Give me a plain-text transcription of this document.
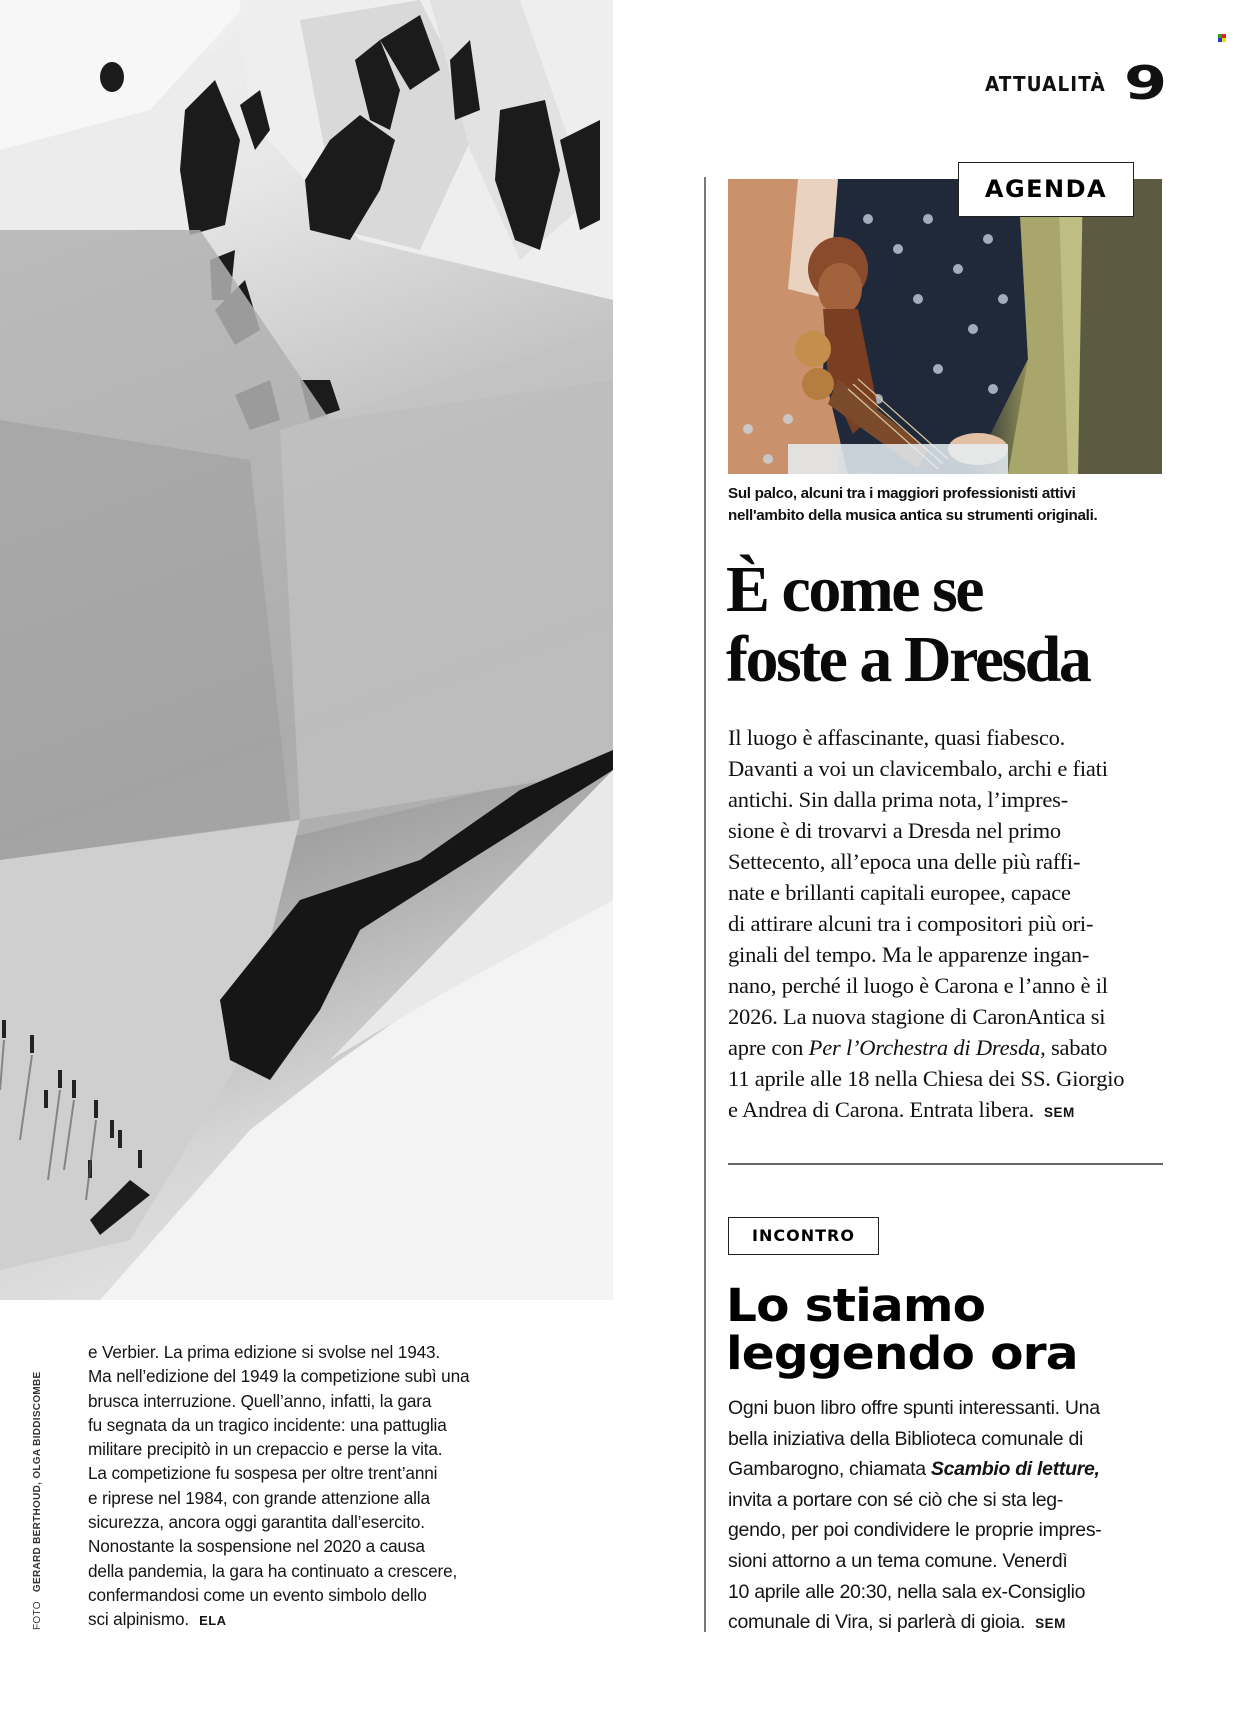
FOTO GERARD BERTHOUD, OLGA BIDDISCOMBE
e Verbier. La prima edizione si svolse nel 1943.
Ma nell’edizione del 1949 la competizione subì una
brusca interruzione. Quell’anno, infatti, la gara
fu segnata da un tragico incidente: una pattuglia
militare precipitò in un crepaccio e perse la vita.
La competizione fu sospesa per oltre trent’anni
e riprese nel 1984, con grande attenzione alla
sicurezza, ancora oggi garantita dall’esercito.
Nonostante la sospensione nel 2020 a causa
della pandemia, la gara ha continuato a crescere,
confermandosi come un evento simbolo dello
sci alpinismo. ELA
ATTUALITÀ 9
AGENDA
Sul palco, alcuni tra i maggiori professionisti attivi
nell'ambito della musica antica su strumenti originali.
È come se
foste a Dresda
Il luogo è affascinante, quasi fiabesco.
Davanti a voi un clavicembalo, archi e fiati
antichi. Sin dalla prima nota, l’impres-
sione è di trovarvi a Dresda nel primo
Settecento, all’epoca una delle più raffi-
nate e brillanti capitali europee, capace
di attirare alcuni tra i compositori più ori-
ginali del tempo. Ma le apparenze ingan-
nano, perché il luogo è Carona e l’anno è il
2026. La nuova stagione di CaronAntica si
apre con Per l’Orchestra di Dresda, sabato
11 aprile alle 18 nella Chiesa dei SS. Giorgio
e Andrea di Carona. Entrata libera. SEM
INCONTRO
Lo stiamo
leggendo ora
Ogni buon libro offre spunti interessanti. Una
bella iniziativa della Biblioteca comunale di
Gambarogno, chiamata Scambio di letture,
invita a portare con sé ciò che si sta leg-
gendo, per poi condividere le proprie impres-
sioni attorno a un tema comune. Venerdì
10 aprile alle 20:30, nella sala ex-Consiglio
comunale di Vira, si parlerà di gioia. SEM
